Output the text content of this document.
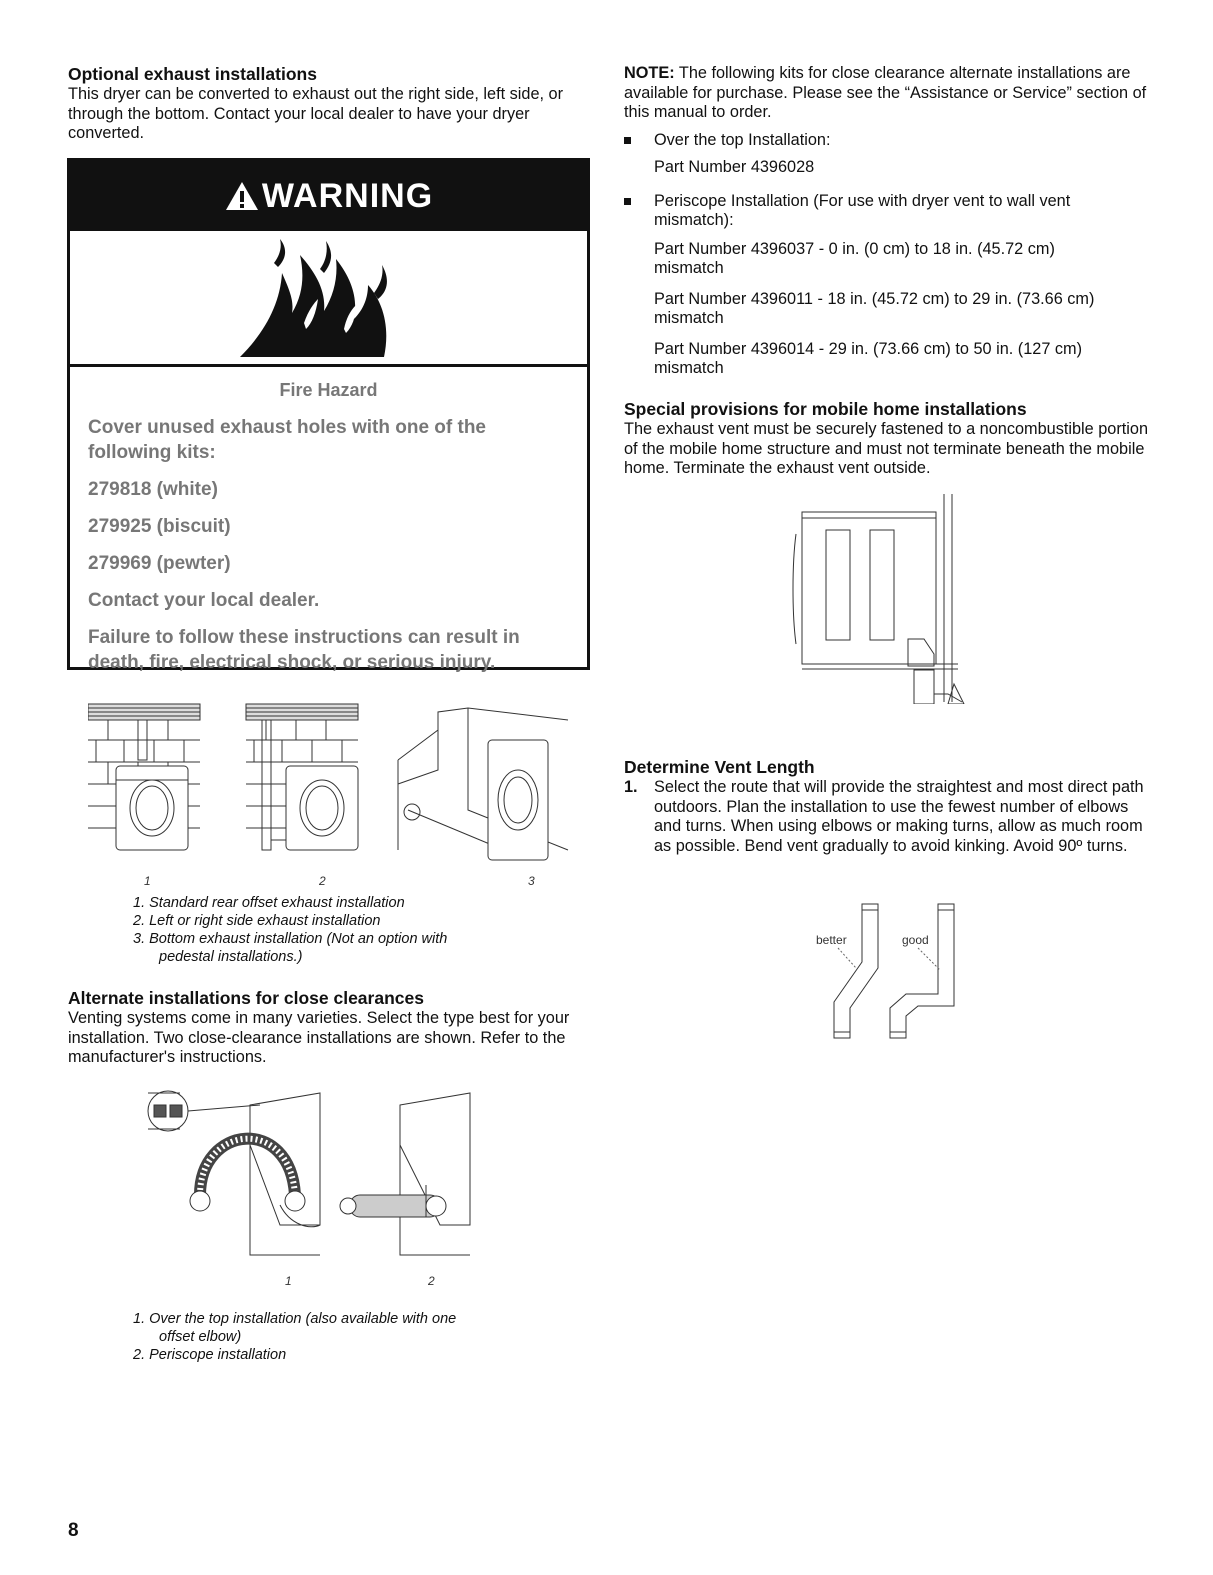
Optional exhaust installations

This dryer can be converted to exhaust out the right side, left side, or through the bottom. Contact your local dealer to have your dryer converted.

WARNING
Fire Hazard
Cover unused exhaust holes with one of the following kits:
279818 (white)
279925 (biscuit)
279969 (pewter)
Contact your local dealer.
Failure to follow these instructions can result in death, fire, electrical shock, or serious injury.
1	2	3
1. Standard rear offset exhaust installation
2. Left or right side exhaust installation
3. Bottom exhaust installation (Not an option with
pedestal installations.)
Alternate installations for close clearances

Venting systems come in many varieties. Select the type best for your installation. Two close-clearance installations are shown. Refer to the manufacturer's instructions.

1	2
1. Over the top installation (also available with one
offset elbow)
2. Periscope installation
8

NOTE: The following kits for close clearance alternate installations are available for purchase. Please see the “Assistance or Service” section of this manual to order.

Over the top Installation:

Part Number 4396028

Periscope Installation (For use with dryer vent to wall vent mismatch):

Part Number 4396037 - 0 in. (0 cm) to 18 in. (45.72 cm) mismatch

Part Number 4396011 - 18 in. (45.72 cm) to 29 in. (73.66 cm) mismatch

Part Number 4396014 - 29 in. (73.66 cm) to 50 in. (127 cm) mismatch

Special provisions for mobile home installations

The exhaust vent must be securely fastened to a noncombustible portion of the mobile home structure and must not terminate beneath the mobile home. Terminate the exhaust vent outside.

Determine Vent Length
1.	Select the route that will provide the straightest and most direct path outdoors. Plan the installation to use the fewest number of elbows and turns. When using elbows or making turns, allow as much room as possible. Bend vent gradually to avoid kinking. Avoid 90º turns.
better	good
